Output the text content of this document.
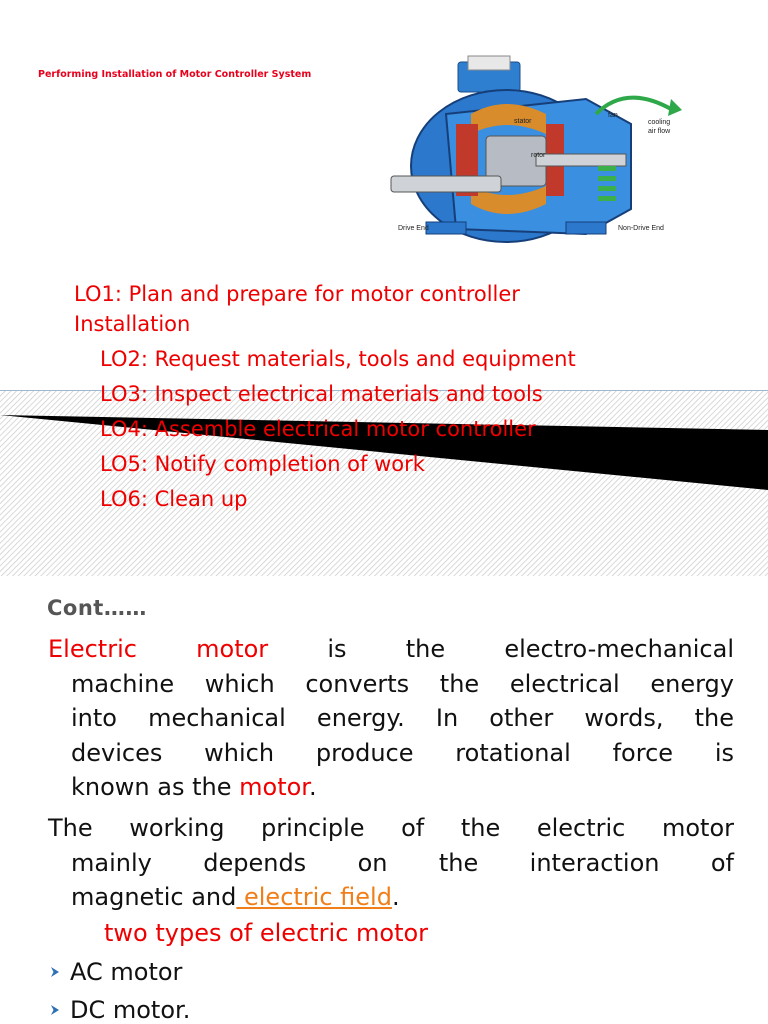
Performing Installation of Motor Controller System
stator
fan
rotor
cooling
air flow
Drive End	Non-Drive End
LO1: Plan and prepare for motor controller
Installation
LO2: Request materials, tools and equipment
LO3: Inspect electrical materials and tools
LO4: Assemble electrical motor controller
LO5: Notify completion of work
LO6: Clean up
Cont……
Electric motor is the electro-mechanical
machine which converts the electrical energy
into mechanical energy. In other words, the
devices which produce rotational force is
known as the motor.
The working principle of the electric motor
mainly depends on the interaction of
magnetic and electric field.
two types of electric motor
AC motor
DC motor.
